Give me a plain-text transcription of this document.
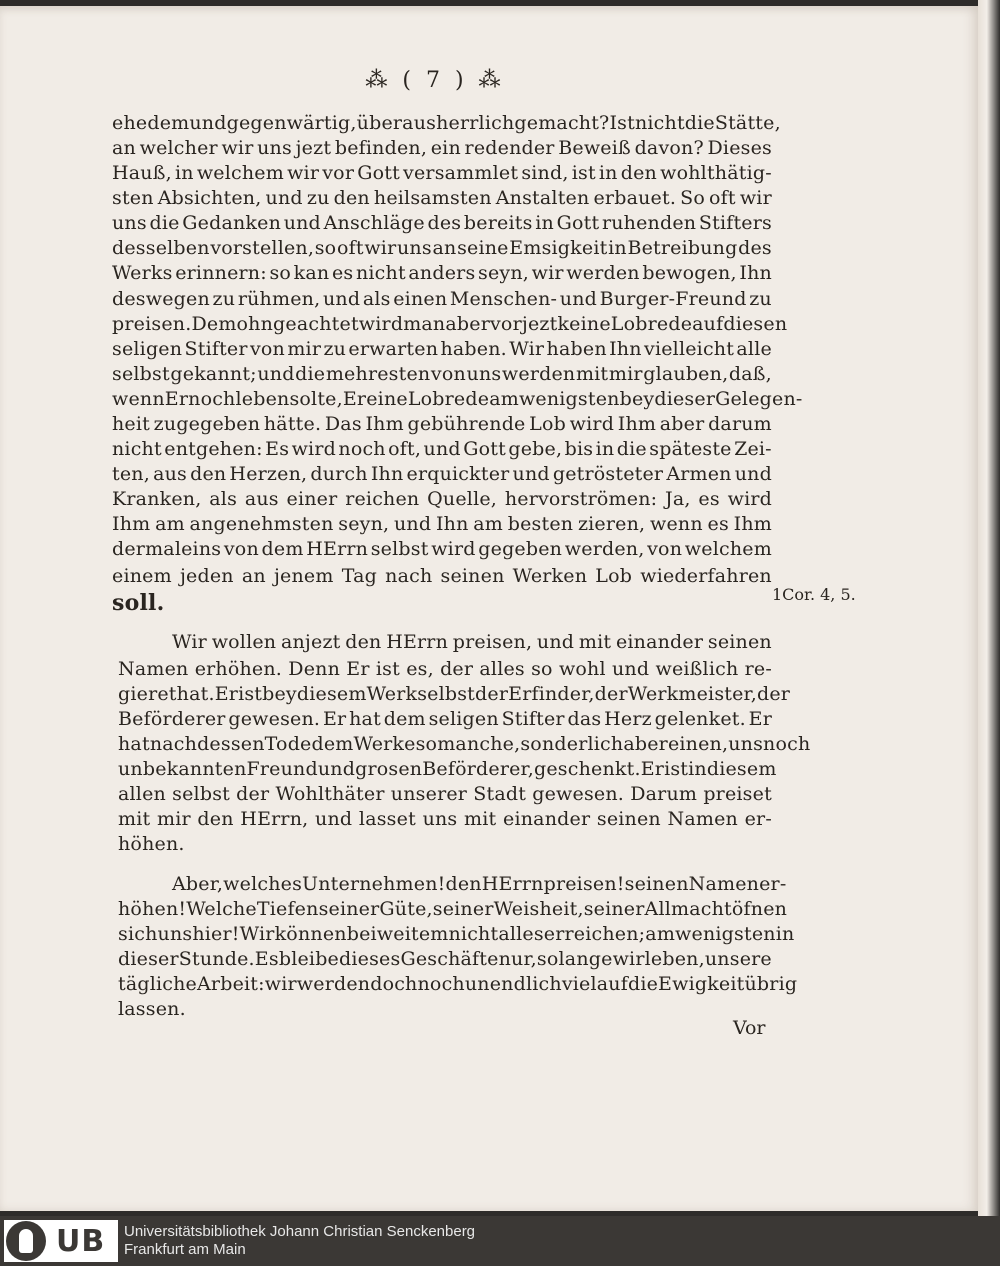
⁂ ( 7 ) ⁂
ehedem und gegenwärtig, überaus herrlich gemacht? Ist nicht die Stätte,
an welcher wir uns jezt befinden, ein redender Beweiß davon? Dieses
Hauß, in welchem wir vor Gott versammlet sind, ist in den wohlthätig-
sten Absichten, und zu den heilsamsten Anstalten erbauet. So oft wir
uns die Gedanken und Anschläge des bereits in Gott ruhenden Stifters
desselben vorstellen, so oft wir uns an seine Emsigkeit in Betreibung des
Werks erinnern: so kan es nicht anders seyn, wir werden bewogen, Ihn
deswegen zu rühmen, und als einen Menschen- und Burger-Freund zu
preisen. Dem ohngeachtet wird man aber vor jezt keine Lobrede auf diesen
seligen Stifter von mir zu erwarten haben. Wir haben Ihn vielleicht alle
selbst gekannt; und die mehresten von uns werden mit mir glauben, daß,
wenn Er noch leben solte, Er eine Lobrede am wenigsten bey dieser Gelegen-
heit zugegeben hätte. Das Ihm gebührende Lob wird Ihm aber darum
nicht entgehen: Es wird noch oft, und Gott gebe, bis in die späteste Zei-
ten, aus den Herzen, durch Ihn erquickter und getrösteter Armen und
Kranken, als aus einer reichen Quelle, hervorströmen: Ja, es wird
Ihm am angenehmsten seyn, und Ihn am besten zieren, wenn es Ihm
dermaleins von dem HErrn selbst wird gegeben werden, von welchem
einem jeden an jenem Tag nach seinen Werken Lob wiederfahren
soll.	1Cor. 4, 5.
Wir wollen anjezt den HErrn preisen, und mit einander seinen
Namen erhöhen. Denn Er ist es, der alles so wohl und weißlich re-
gieret hat. Er ist bey diesem Werk selbst der Erfinder, der Werkmeister, der
Beförderer gewesen. Er hat dem seligen Stifter das Herz gelenket. Er
hat nach dessen Tode dem Werke so manche, sonderlich aber einen, uns noch
unbekannten Freund und grosen Beförderer, geschenkt. Er ist in diesem
allen selbst der Wohlthäter unserer Stadt gewesen. Darum preiset
mit mir den HErrn, und lasset uns mit einander seinen Namen er-
höhen.
Aber, welches Unternehmen! den HErrn preisen! seinen Namen er-
höhen! Welche Tiefen seiner Güte, seiner Weisheit, seiner Allmacht öfnen
sich uns hier! Wir können bei weitem nicht alles erreichen; am wenigsten in
dieser Stunde. Es bleibe dieses Geschäfte nur, so lange wir leben, unsere
tägliche Arbeit: wir werden doch noch unendlich viel auf die Ewigkeit übrig
lassen.
Vor
UB Universitätsbibliothek Johann Christian Senckenberg
Frankfurt am Main
